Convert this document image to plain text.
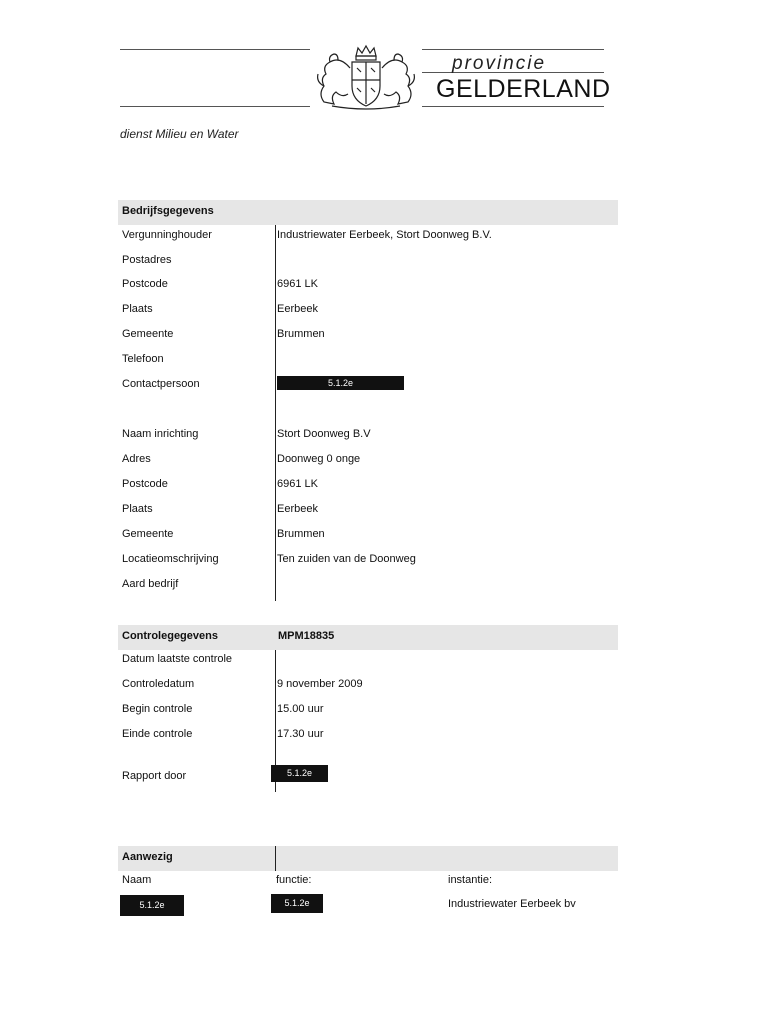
provincie
GELDERLAND
dienst Milieu en Water
Bedrijfsgegevens
Vergunninghouder	Industriewater Eerbeek, Stort Doonweg B.V.
Postadres
Postcode	6961 LK
Plaats	Eerbeek
Gemeente	Brummen
Telefoon
Contactpersoon	5.1.2e
Naam inrichting	Stort Doonweg B.V
Adres	Doonweg 0 onge
Postcode	6961 LK
Plaats	Eerbeek
Gemeente	Brummen
Locatieomschrijving	Ten zuiden van de Doonweg
Aard bedrijf
Controlegegevens	MPM18835
Datum laatste controle
Controledatum	9 november 2009
Begin controle	15.00 uur
Einde controle	17.30 uur
Rapport door	5.1.2e
Aanwezig
Naam	functie:	instantie:
5.1.2e	5.1.2e	Industriewater Eerbeek bv
